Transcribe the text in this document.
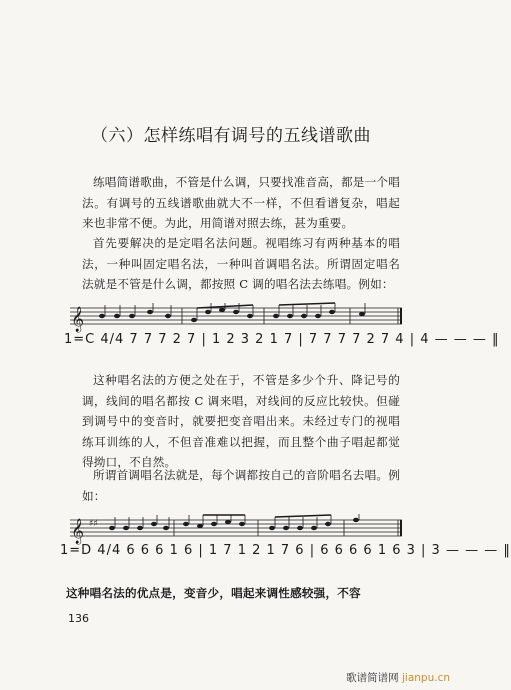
（六）怎样练唱有调号的五线谱歌曲

练唱简谱歌曲，不管是什么调，只要找准音高，都是一个唱法。有调号的五线谱歌曲就大不一样，不但看谱复杂，唱起来也非常不便。为此，用简谱对照去练，甚为重要。

首先要解决的是定唱名法问题。视唱练习有两种基本的唱法，一种叫固定唱名法，一种叫首调唱名法。所谓固定唱名法就是不管是什么调，都按照 C 调的唱名法去练唱。例如：

𝄞
1=C 4/4 7 7 7 2 7 | 1 2 3 2 1 7 | 7 7 7 7 2 7 4 | 4 — — — ‖

这种唱名法的方便之处在于，不管是多少个升、降记号的调，线间的唱名都按 C 调来唱，对线间的反应比较快。但碰到调号中的变音时，就要把变音唱出来。未经过专门的视唱练耳训练的人，不但音准难以把握，而且整个曲子唱起都觉得拗口，不自然。

所谓首调唱名法就是，每个调都按自己的音阶唱名去唱。例如：

𝄞 ♯♯
1=D 4/4 6 6 6 1 6 | 1 7 1 2 1 7 6 | 6 6 6 6 1 6 3 | 3 — — — ‖

这种唱名法的优点是，变音少，唱起来调性感较强，不容

136
歌谱简谱网 jianpu.cn
